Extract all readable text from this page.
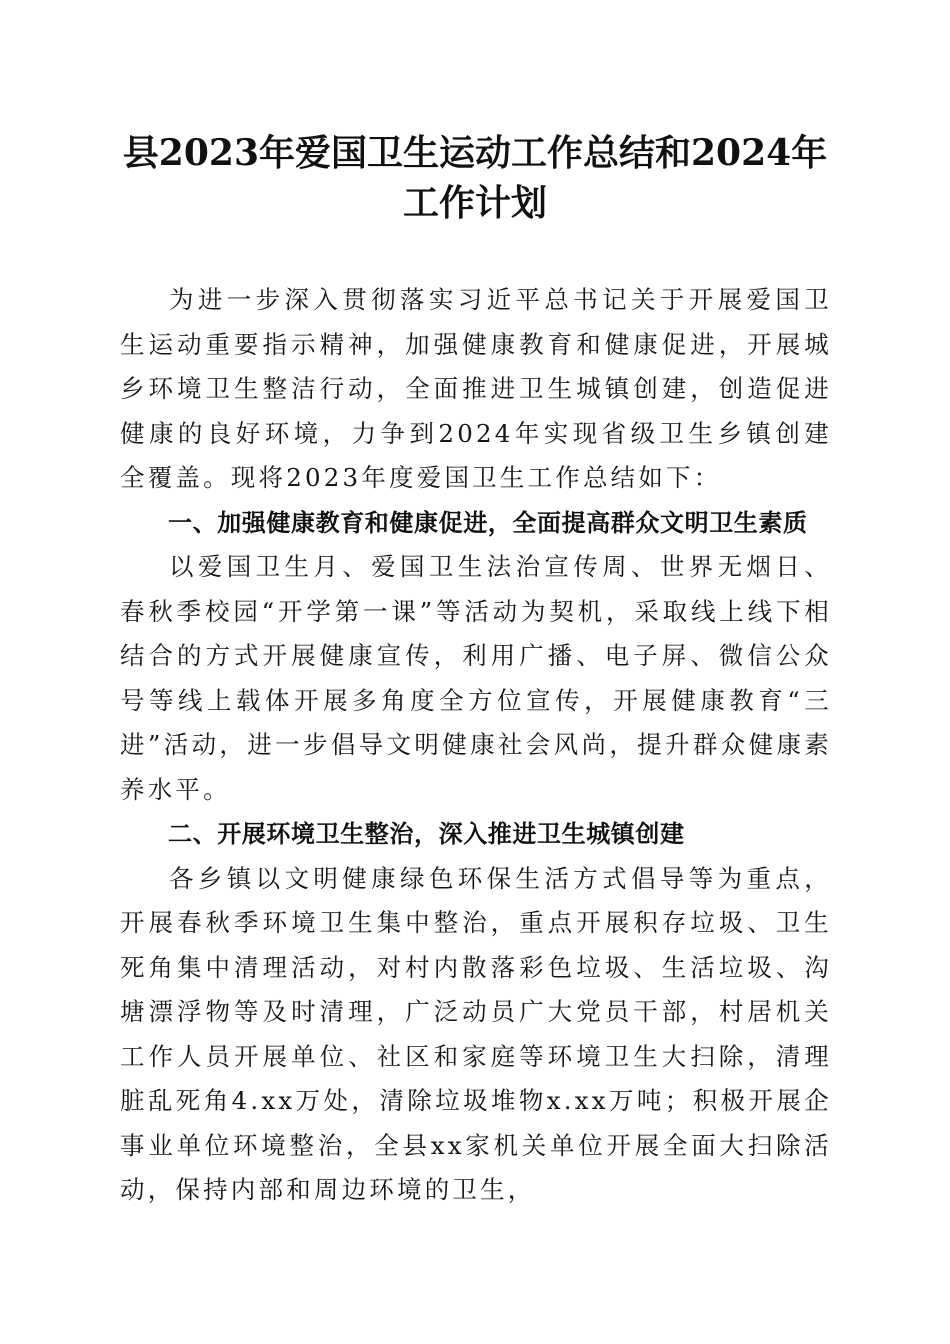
县2023年爱国卫生运动工作总结和2024年工作计划

为进一步深入贯彻落实习近平总书记关于开展爱国卫生运动重要指示精神，加强健康教育和健康促进，开展城乡环境卫生整洁行动，全面推进卫生城镇创建，创造促进健康的良好环境，力争到2024年实现省级卫生乡镇创建全覆盖。现将2023年度爱国卫生工作总结如下：

一、加强健康教育和健康促进，全面提高群众文明卫生素质

以爱国卫生月、爱国卫生法治宣传周、世界无烟日、春秋季校园“开学第一课”等活动为契机，采取线上线下相结合的方式开展健康宣传，利用广播、电子屏、微信公众号等线上载体开展多角度全方位宣传，开展健康教育“三进”活动，进一步倡导文明健康社会风尚，提升群众健康素养水平。

二、开展环境卫生整治，深入推进卫生城镇创建

各乡镇以文明健康绿色环保生活方式倡导等为重点，开展春秋季环境卫生集中整治，重点开展积存垃圾、卫生死角集中清理活动，对村内散落彩色垃圾、生活垃圾、沟塘漂浮物等及时清理，广泛动员广大党员干部，村居机关工作人员开展单位、社区和家庭等环境卫生大扫除，清理脏乱死角4.xx万处，清除垃圾堆物x.xx万吨；积极开展企事业单位环境整治，全县xx家机关单位开展全面大扫除活动，保持内部和周边环境的卫生，
